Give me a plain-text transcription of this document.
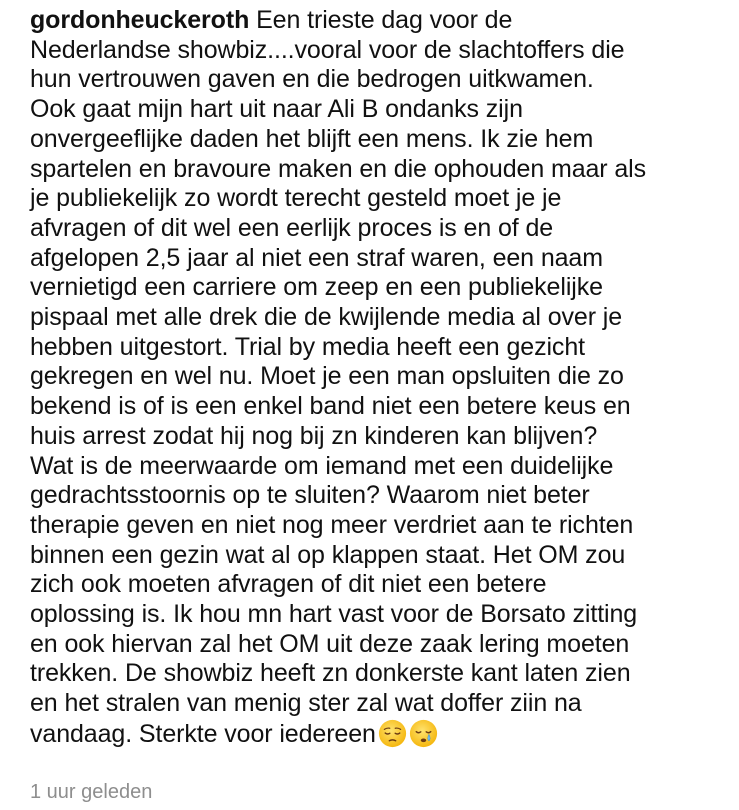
gordonheuckeroth Een trieste dag voor de
Nederlandse showbiz....vooral voor de slachtoffers die
hun vertrouwen gaven en die bedrogen uitkwamen.
Ook gaat mijn hart uit naar Ali B ondanks zijn
onvergeeflijke daden het blijft een mens. Ik zie hem
spartelen en bravoure maken en die ophouden maar als
je publiekelijk zo wordt terecht gesteld moet je je
afvragen of dit wel een eerlijk proces is en of de
afgelopen 2,5 jaar al niet een straf waren, een naam
vernietigd een carriere om zeep en een publiekelijke
pispaal met alle drek die de kwijlende media al over je
hebben uitgestort. Trial by media heeft een gezicht
gekregen en wel nu. Moet je een man opsluiten die zo
bekend is of is een enkel band niet een betere keus en
huis arrest zodat hij nog bij zn kinderen kan blijven?
Wat is de meerwaarde om iemand met een duidelijke
gedrachtsstoornis op te sluiten? Waarom niet beter
therapie geven en niet nog meer verdriet aan te richten
binnen een gezin wat al op klappen staat. Het OM zou
zich ook moeten afvragen of dit niet een betere
oplossing is. Ik hou mn hart vast voor de Borsato zitting
en ook hiervan zal het OM uit deze zaak lering moeten
trekken. De showbiz heeft zn donkerste kant laten zien
en het stralen van menig ster zal wat doffer ziin na
vandaag. Sterkte voor iedereen

1 uur geleden
